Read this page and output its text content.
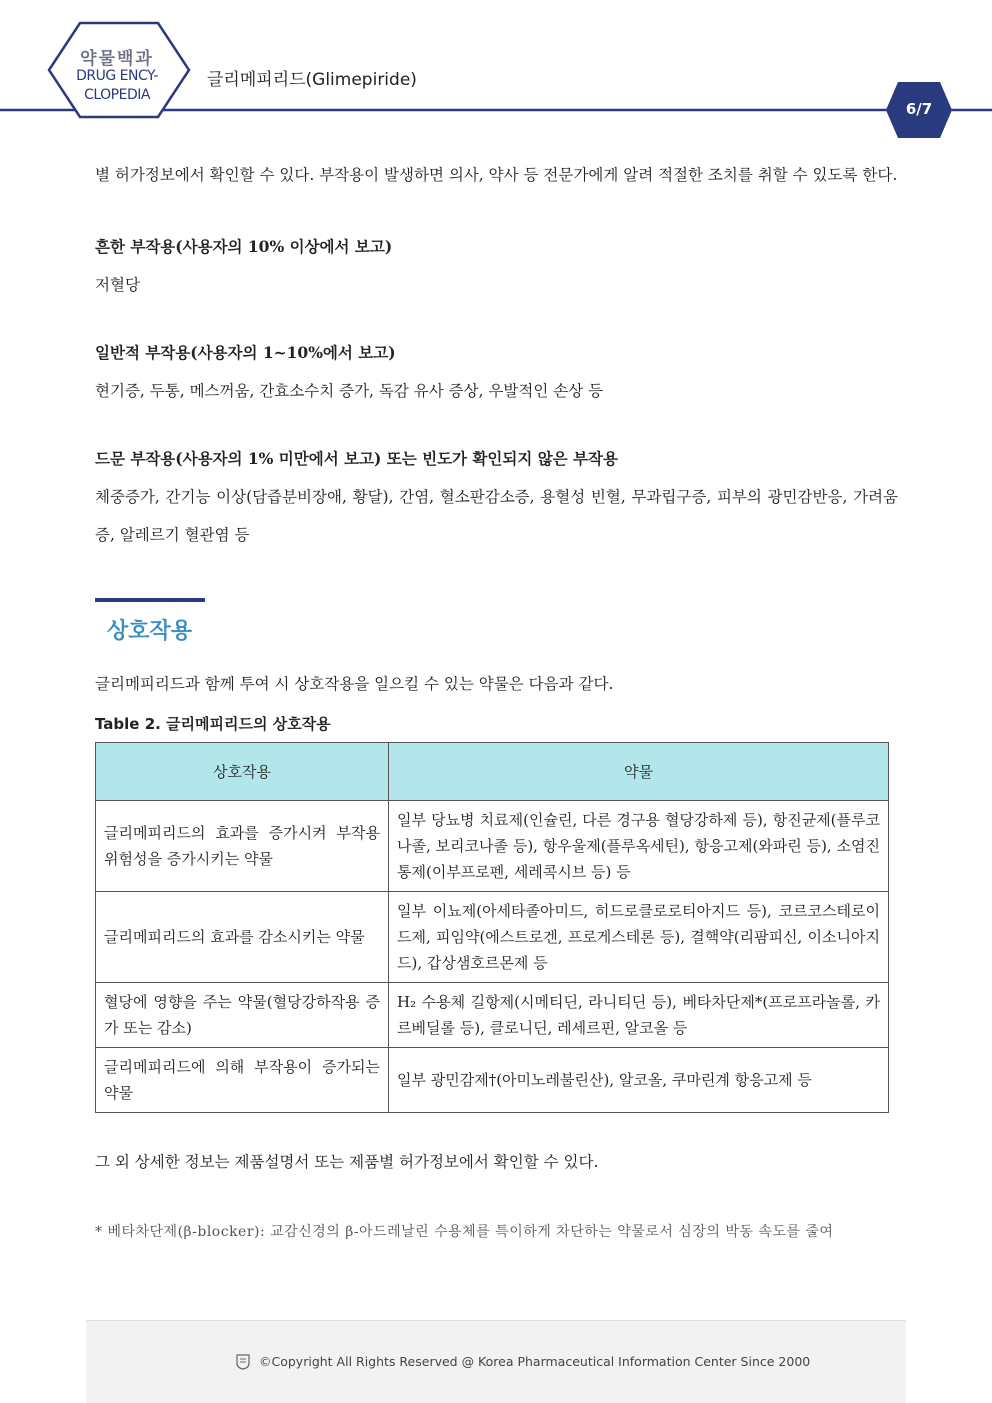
약물백과
DRUG ENCY-
CLOPEDIA
글리메피리드(Glimepiride)
6/7

별 허가정보에서 확인할 수 있다. 부작용이 발생하면 의사, 약사 등 전문가에게 알려 적절한 조치를 취할 수 있도록 한다.

흔한 부작용(사용자의 10% 이상에서 보고)

저혈당

일반적 부작용(사용자의 1~10%에서 보고)

현기증, 두통, 메스꺼움, 간효소수치 증가, 독감 유사 증상, 우발적인 손상 등

드문 부작용(사용자의 1% 미만에서 보고) 또는 빈도가 확인되지 않은 부작용

체중증가, 간기능 이상(담즙분비장애, 황달), 간염, 혈소판감소증, 용혈성 빈혈, 무과립구증, 피부의 광민감반응, 가려움증, 알레르기 혈관염 등

상호작용

글리메피리드과 함께 투여 시 상호작용을 일으킬 수 있는 약물은 다음과 같다.

Table 2. 글리메피리드의 상호작용
상호작용	약물
글리메피리드의 효과를 증가시켜 부작용 위험성을 증가시키는 약물	일부 당뇨병 치료제(인슐린, 다른 경구용 혈당강하제 등), 항진균제(플루코나졸, 보리코나졸 등), 항우울제(플루옥세틴), 항응고제(와파린 등), 소염진통제(이부프로펜, 세레콕시브 등) 등
글리메피리드의 효과를 감소시키는 약물	일부 이뇨제(아세타졸아미드, 히드로클로로티아지드 등), 코르코스테로이드제, 피임약(에스트로겐, 프로게스테론 등), 결핵약(리팜피신, 이소니아지드), 갑상샘호르몬제 등
혈당에 영향을 주는 약물(혈당강하작용 증가 또는 감소)	H₂ 수용체 길항제(시메티딘, 라니티딘 등), 베타차단제*(프로프라놀롤, 카르베딜롤 등), 클로니딘, 레세르핀, 알코올 등
글리메피리드에 의해 부작용이 증가되는 약물	일부 광민감제†(아미노레불린산), 알코올, 쿠마린계 항응고제 등

그 외 상세한 정보는 제품설명서 또는 제품별 허가정보에서 확인할 수 있다.

* 베타차단제(β-blocker): 교감신경의 β-아드레날린 수용체를 특이하게 차단하는 약물로서 심장의 박동 속도를 줄여

©Copyright All Rights Reserved @ Korea Pharmaceutical Information Center Since 2000
